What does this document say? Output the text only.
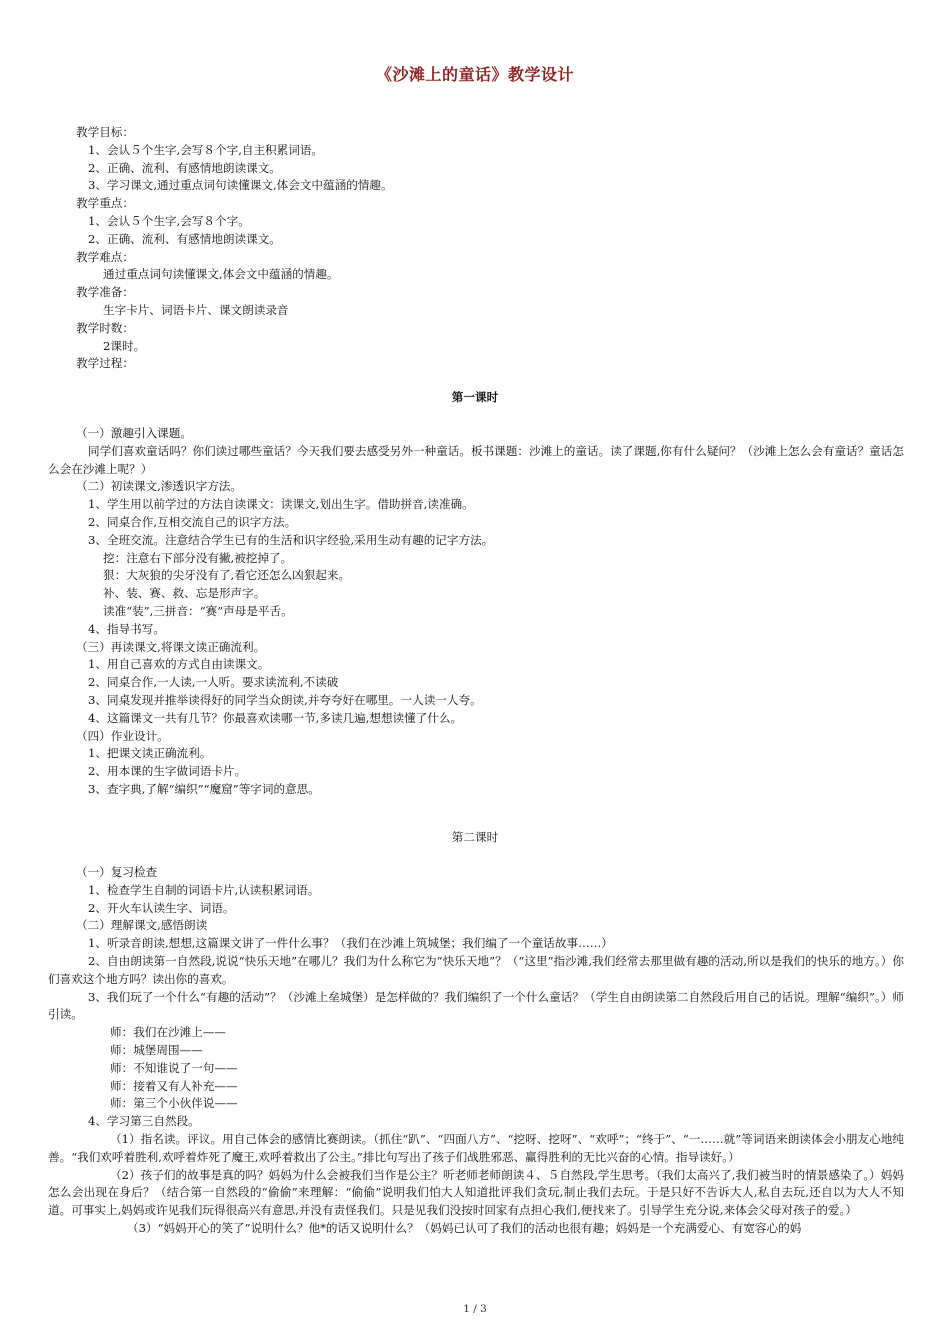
《沙滩上的童话》教学设计
教学目标：
1、会认５个生字,会写８个字,自主积累词语。
2、正确、流利、有感情地朗读课文。
3、学习课文,通过重点词句读懂课文,体会文中蕴涵的情趣。
教学重点：
1、会认５个生字,会写８个字。
2、正确、流利、有感情地朗读课文。
教学难点：
通过重点词句读懂课文,体会文中蕴涵的情趣。
教学准备：
生字卡片、词语卡片、课文朗读录音
教学时数：
2课时。
教学过程：
第一课时
（一）激趣引入课题。
同学们喜欢童话吗？你们读过哪些童话？今天我们要去感受另外一种童话。板书课题：沙滩上的童话。读了课题,你有什么疑问？（沙滩上怎么会有童话？童话怎么会在沙滩上呢？）
（二）初读课文,渗透识字方法。
1、学生用以前学过的方法自读课文：读课文,划出生字。借助拼音,读准确。
2、同桌合作,互相交流自己的识字方法。
3、全班交流。注意结合学生已有的生活和识字经验,采用生动有趣的记字方法。
挖：注意右下部分没有撇,被挖掉了。
狠：大灰狼的尖牙没有了,看它还怎么凶狠起来。
补、装、赛、救、忘是形声字。
读准“装”,三拼音：“赛”声母是平舌。
4、指导书写。
（三）再读课文,将课文读正确流利。
1、用自己喜欢的方式自由读课文。
2、同桌合作,一人读,一人听。要求读流利,不读破
3、同桌发现并推举读得好的同学当众朗读,并夸夸好在哪里。一人读一人夸。
4、这篇课文一共有几节？你最喜欢读哪一节,多读几遍,想想读懂了什么。
（四）作业设计。
1、把课文读正确流利。
2、用本课的生字做词语卡片。
3、查字典,了解“编织”“魔窟”等字词的意思。
第二课时
（一）复习检查
1、检查学生自制的词语卡片,认读积累词语。
2、开火车认读生字、词语。
（二）理解课文,感悟朗读
1、听录音朗读,想想,这篇课文讲了一件什么事？（我们在沙滩上筑城堡；我们编了一个童话故事……）
2、自由朗读第一自然段,说说“快乐天地”在哪儿？我们为什么称它为“快乐天地”？（“这里”指沙滩,我们经常去那里做有趣的活动,所以是我们的快乐的地方。）你们喜欢这个地方吗？读出你的喜欢。
3、我们玩了一个什么“有趣的活动”？（沙滩上垒城堡）是怎样做的？我们编织了一个什么童话？（学生自由朗读第二自然段后用自己的话说。理解“编织”。）师引读。
师：我们在沙滩上——
师：城堡周围——
师：不知谁说了一句——
师：接着又有人补充——
师：第三个小伙伴说——
4、学习第三自然段。
（1）指名读。评议。用自己体会的感情比赛朗读。（抓住“趴”、“四面八方”、“挖呀、挖呀”、“欢呼”；“终于”、“一……就”等词语来朗读体会小朋友心地纯善。“我们欢呼着胜利,欢呼着炸死了魔王,欢呼着救出了公主。”排比句写出了孩子们战胜邪恶、赢得胜利的无比兴奋的心情。指导读好。）
（2）孩子们的故事是真的吗？妈妈为什么会被我们当作是公主？听老师老师朗读４、５自然段,学生思考。（我们太高兴了,我们被当时的情景感染了。）妈妈怎么会出现在身后？（结合第一自然段的“偷偷”来理解：“偷偷”说明我们怕大人知道批评我们贪玩,制止我们去玩。于是只好不告诉大人,私自去玩,还自以为大人不知道。可事实上,妈妈或许见我们玩得很高兴有意思,并没有责怪我们。只是见我们没按时回家有点担心我们,便找来了。引导学生充分说,来体会父母对孩子的爱。）
（3）“妈妈开心的笑了”说明什么？他*的话又说明什么？（妈妈已认可了我们的活动也很有趣；妈妈是一个充满爱心、有宽容心的妈
1 / 3
